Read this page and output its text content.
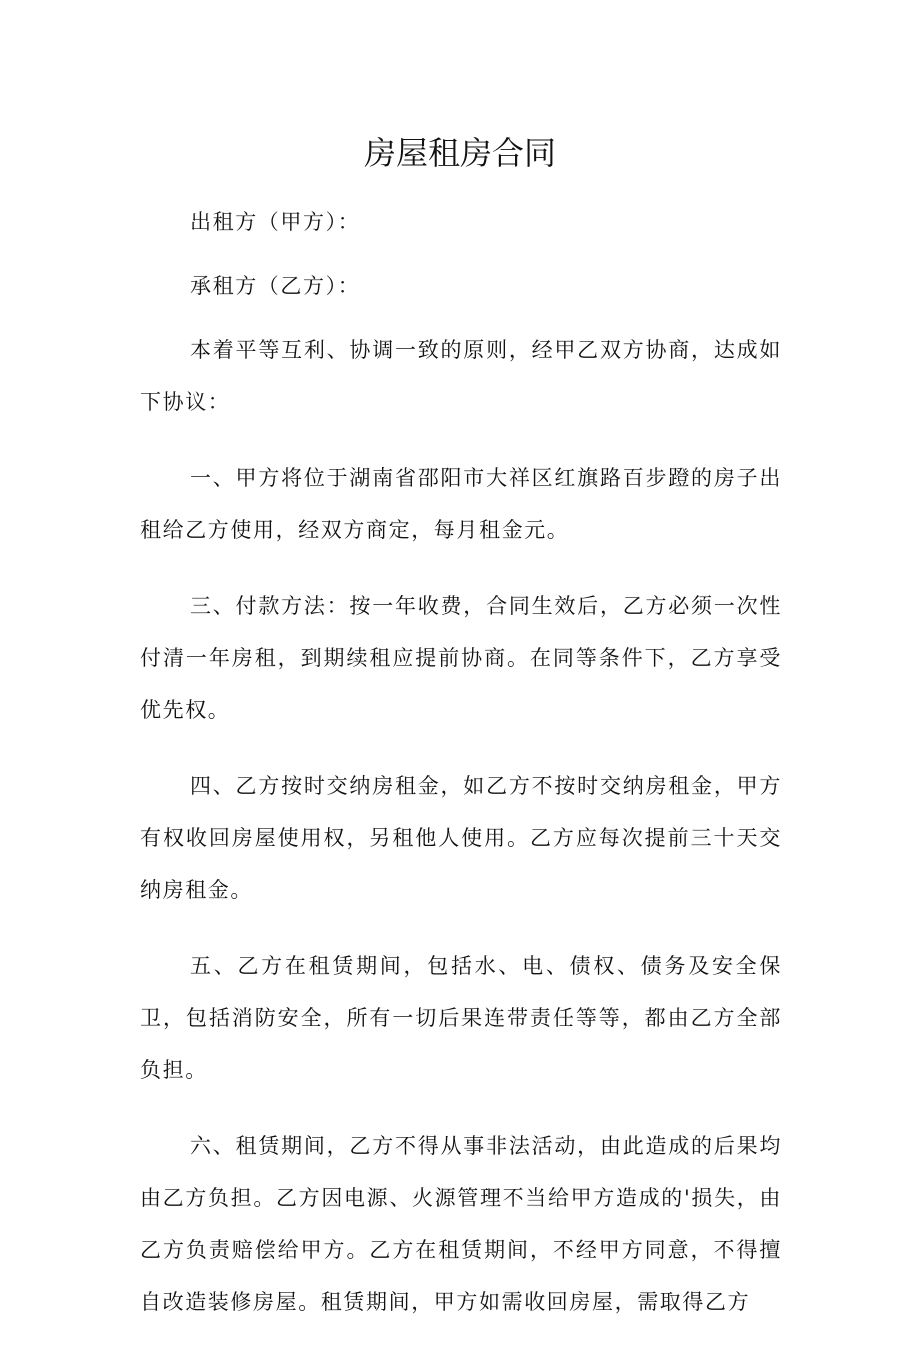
房屋租房合同

出租方（甲方）：

承租方（乙方）：

本着平等互利、协调一致的原则，经甲乙双方协商，达成如下协议：

一、甲方将位于湖南省邵阳市大祥区红旗路百步蹬的房子出租给乙方使用，经双方商定，每月租金元。

三、付款方法：按一年收费，合同生效后，乙方必须一次性付清一年房租，到期续租应提前协商。在同等条件下，乙方享受优先权。

四、乙方按时交纳房租金，如乙方不按时交纳房租金，甲方有权收回房屋使用权，另租他人使用。乙方应每次提前三十天交纳房租金。

五、乙方在租赁期间，包括水、电、债权、债务及安全保卫，包括消防安全，所有一切后果连带责任等等，都由乙方全部负担。

六、租赁期间，乙方不得从事非法活动，由此造成的后果均由乙方负担。乙方因电源、火源管理不当给甲方造成的'损失，由乙方负责赔偿给甲方。乙方在租赁期间，不经甲方同意，不得擅自改造装修房屋。租赁期间，甲方如需收回房屋，需取得乙方
